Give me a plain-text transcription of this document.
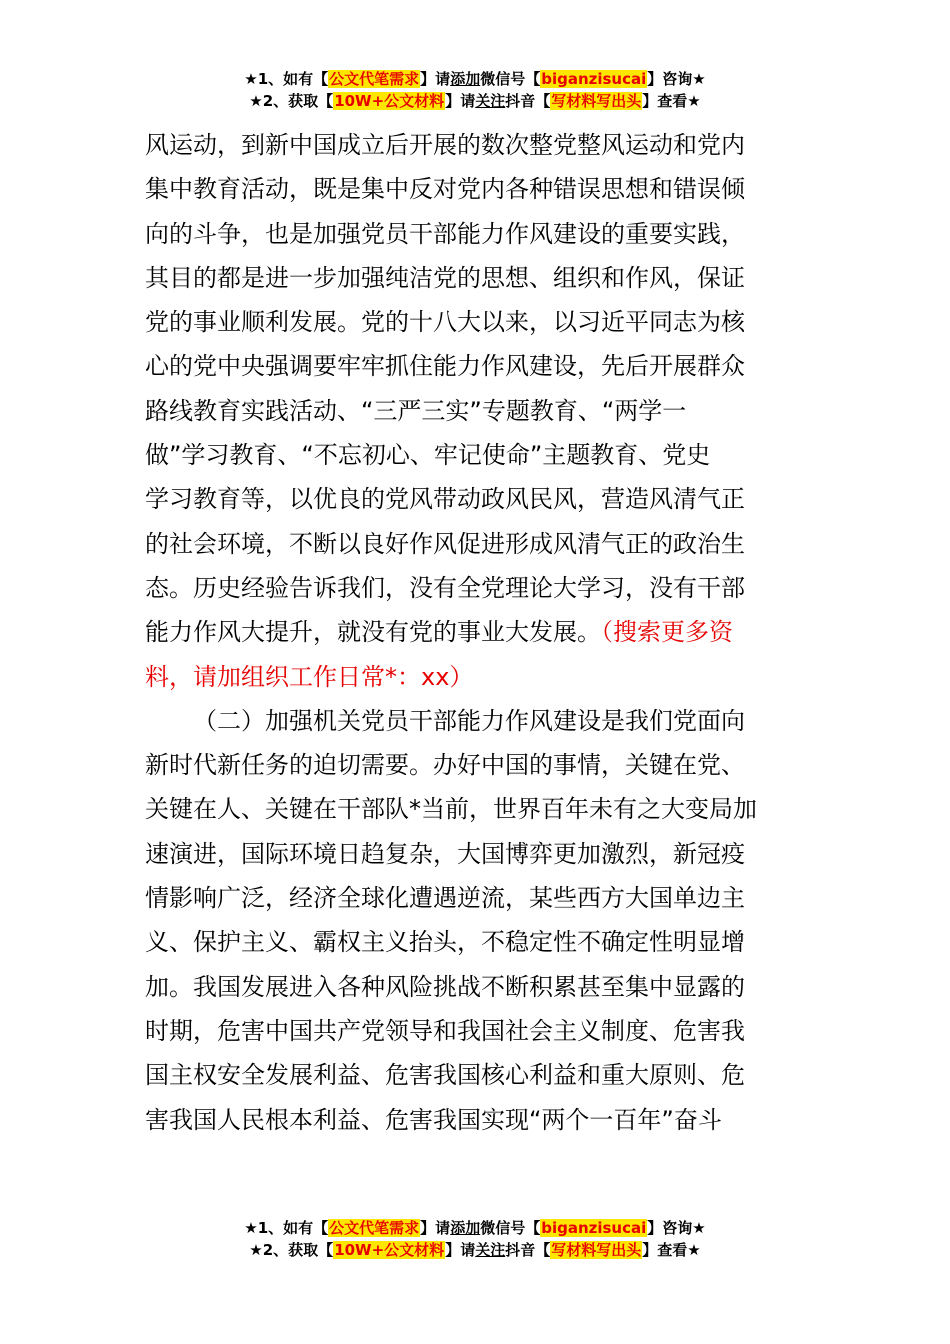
★1、如有【公文代笔需求】请添加微信号【biganzisucai】咨询★
★2、获取【10W+公文材料】请关注抖音【写材料写出头】查看★
风运动，到新中国成立后开展的数次整党整风运动和党内
集中教育活动，既是集中反对党内各种错误思想和错误倾
向的斗争，也是加强党员干部能力作风建设的重要实践，
其目的都是进一步加强纯洁党的思想、组织和作风，保证
党的事业顺利发展。党的十八大以来，以习近平同志为核
心的党中央强调要牢牢抓住能力作风建设，先后开展群众
路线教育实践活动、“三严三实”专题教育、“两学一
做”学习教育、“不忘初心、牢记使命”主题教育、党史
学习教育等，以优良的党风带动政风民风，营造风清气正
的社会环境，不断以良好作风促进形成风清气正的政治生
态。历史经验告诉我们，没有全党理论大学习，没有干部
能力作风大提升，就没有党的事业大发展。（搜索更多资
料，请加组织工作日常*：xx）
（二）加强机关党员干部能力作风建设是我们党面向
新时代新任务的迫切需要。办好中国的事情，关键在党、
关键在人、关键在干部队*当前，世界百年未有之大变局加
速演进，国际环境日趋复杂，大国博弈更加激烈，新冠疫
情影响广泛，经济全球化遭遇逆流，某些西方大国单边主
义、保护主义、霸权主义抬头，不稳定性不确定性明显增
加。我国发展进入各种风险挑战不断积累甚至集中显露的
时期，危害中国共产党领导和我国社会主义制度、危害我
国主权安全发展利益、危害我国核心利益和重大原则、危
害我国人民根本利益、危害我国实现“两个一百年”奋斗
★1、如有【公文代笔需求】请添加微信号【biganzisucai】咨询★
★2、获取【10W+公文材料】请关注抖音【写材料写出头】查看★
